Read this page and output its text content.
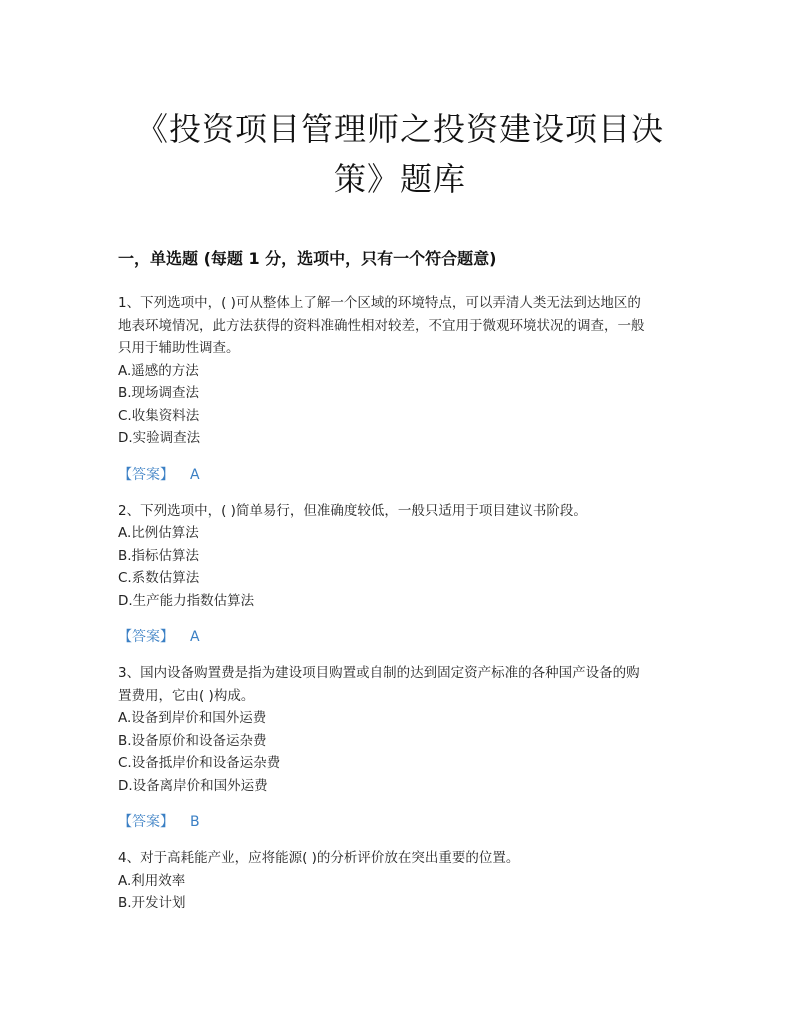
《投资项目管理师之投资建设项目决
策》题库
一，单选题 (每题 1 分，选项中，只有一个符合题意)
1、下列选项中，( )可从整体上了解一个区域的环境特点，可以弄清人类无法到达地区的
地表环境情况，此方法获得的资料准确性相对较差，不宜用于微观环境状况的调查，一般
只用于辅助性调查。
A.遥感的方法
B.现场调查法
C.收集资料法
D.实验调查法
【答案】 A
2、下列选项中，( )简单易行，但准确度较低，一般只适用于项目建议书阶段。
A.比例估算法
B.指标估算法
C.系数估算法
D.生产能力指数估算法
【答案】 A
3、国内设备购置费是指为建设项目购置或自制的达到固定资产标准的各种国产设备的购
置费用，它由( )构成。
A.设备到岸价和国外运费
B.设备原价和设备运杂费
C.设备抵岸价和设备运杂费
D.设备离岸价和国外运费
【答案】 B
4、对于高耗能产业，应将能源( )的分析评价放在突出重要的位置。
A.利用效率
B.开发计划
